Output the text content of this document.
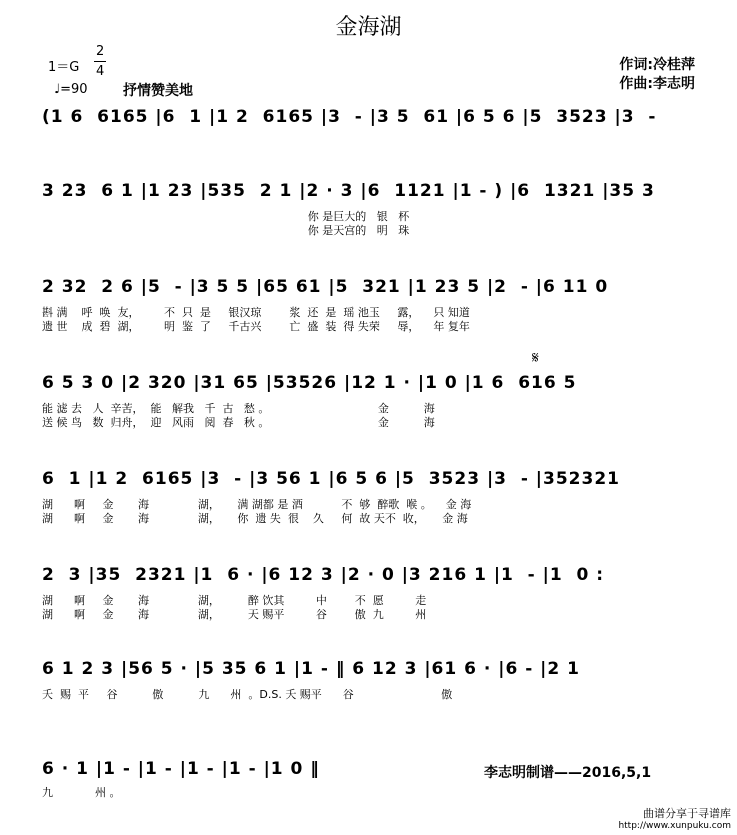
金海湖
1＝G
2
4
♩=90	抒情赞美地
作词:冷桂萍
作曲:李志明
𝄋
(1 6  6165 |6  1 |1 2  6165 |3  - |3 5  61 |6 5 6 |5  3523 |3  -
3 23  6 1 |1 23 |535  2 1 |2 · 3 |6  1121 |1 - ) |6  1321 |35 3
2 32  2 6 |5  - |3 5 5 |65 61 |5  321 |1 23 5 |2  - |6 11 0
6 5 3 0 |2 320 |31 65 |53526 |12 1 · |1 0 |1 6  616 5
6  1 |1 2  6165 |3  - |3 56 1 |6 5 6 |5  3523 |3  - |352321
2  3 |35  2321 |1  6 · |6 12 3 |2 · 0 |3 216 1 |1  - |1  0 :
6 1 2 3 |56 5 · |5 35 6 1 |1 - ‖ 6 12 3 |61 6 · |6 - |2 1
6 · 1 |1 - |1 - |1 - |1 - |1 0 ‖
你 是巨大的   银   杯
你 是天宫的   明   珠
斟 满    呼  唤  友，       不  只  是     银汉琼        浆  还  是  瑶 池玉     露，    只 知道
遗 世    成  碧  湖，       明  鉴  了     千古兴        亡  盛  装  得 失荣     辱，    年 复年
能 滤 去   人  辛苦，  能   解我   千  古   愁 。                               金          海
送 候 鸟   数  归舟，  迎   风雨   阅  春   秋 。                               金          海
湖      啊     金       海              湖，     满 湖都 是 酒           不  够  醉歌  喉 。    金 海
湖      啊     金       海              湖，     你  遗 失  很    久     何  故 天不  收，     金 海
湖      啊     金       海              湖，        醉 饮其         中        不  愿         走
湖      啊     金       海              湖，        天 赐平         谷        傲  九         州
夭  赐  平     谷          傲          九      州  。D.S. 夭 赐平      谷                         傲
九            州 。
李志明制谱——2016,5,1
曲谱分享于寻谱库
http://www.xunpuku.com
